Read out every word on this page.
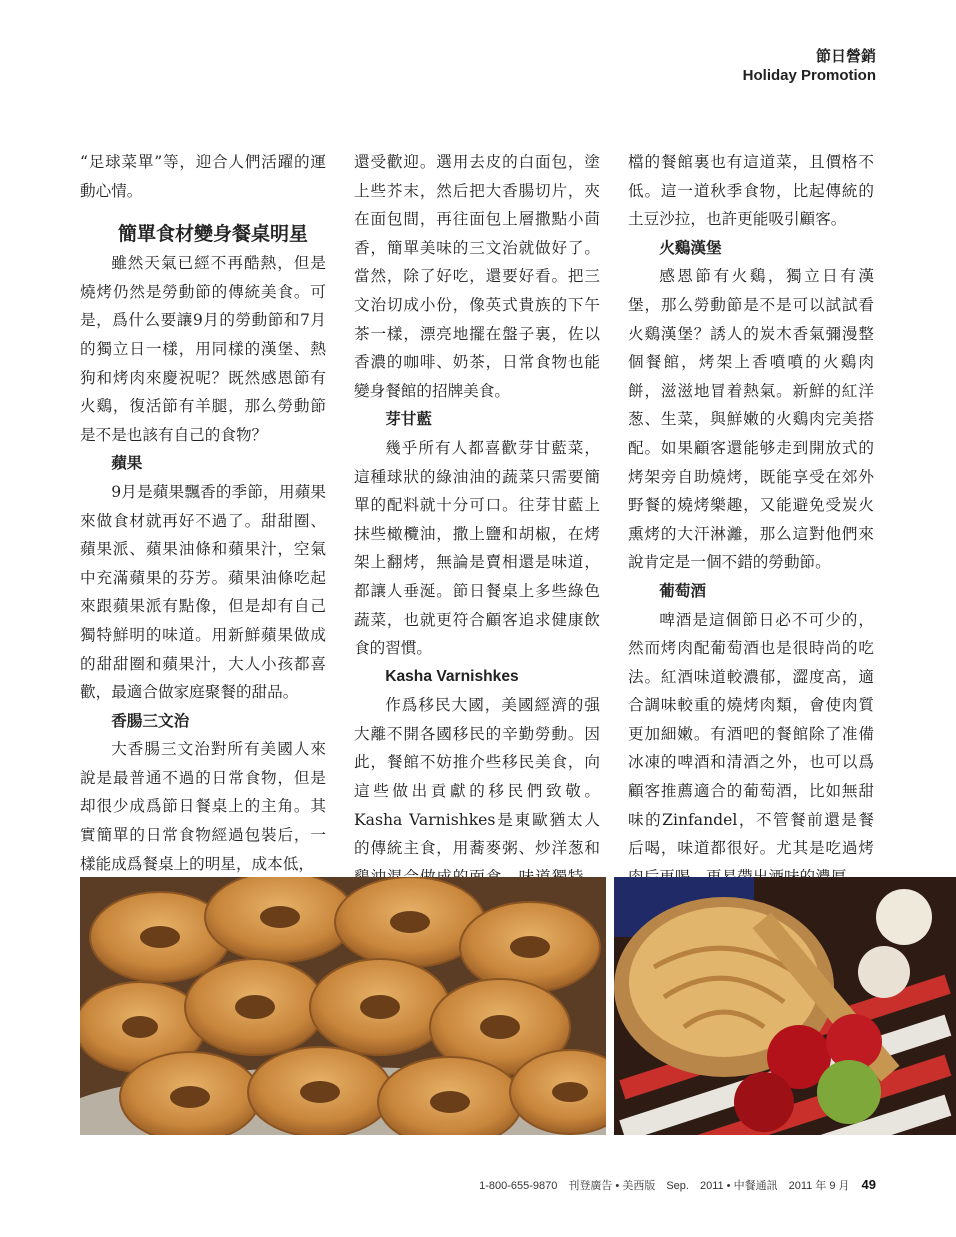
節日營銷
Holiday Promotion

“足球菜單”等，迎合人們活躍的運動心情。

簡單食材變身餐桌明星

雖然天氣已經不再酷熱，但是燒烤仍然是勞動節的傳統美食。可是，爲什么要讓9月的勞動節和7月的獨立日一樣，用同樣的漢堡、熱狗和烤肉來慶祝呢？既然感恩節有火鷄，復活節有羊腿，那么勞動節是不是也該有自己的食物？

蘋果

9月是蘋果飄香的季節，用蘋果來做食材就再好不過了。甜甜圈、蘋果派、蘋果油條和蘋果汁，空氣中充滿蘋果的芬芳。蘋果油條吃起來跟蘋果派有點像，但是却有自己獨特鮮明的味道。用新鮮蘋果做成的甜甜圈和蘋果汁，大人小孩都喜歡，最適合做家庭聚餐的甜品。

香腸三文治

大香腸三文治對所有美國人來說是最普通不過的日常食物，但是却很少成爲節日餐桌上的主角。其實簡單的日常食物經過包裝后，一樣能成爲餐桌上的明星，成本低，

還受歡迎。選用去皮的白面包，塗上些芥末，然后把大香腸切片，夾在面包間，再往面包上層撒點小茴香，簡單美味的三文治就做好了。當然，除了好吃，還要好看。把三文治切成小份，像英式貴族的下午茶一樣，漂亮地擺在盤子裏，佐以香濃的咖啡、奶茶，日常食物也能變身餐館的招牌美食。

芽甘藍

幾乎所有人都喜歡芽甘藍菜，這種球狀的綠油油的蔬菜只需要簡單的配料就十分可口。往芽甘藍上抹些橄欖油，撒上鹽和胡椒，在烤架上翻烤，無論是賣相還是味道，都讓人垂涎。節日餐桌上多些綠色蔬菜，也就更符合顧客追求健康飲食的習慣。

Kasha Varnishkes

作爲移民大國，美國經濟的强大離不開各國移民的辛勤勞動。因此，餐館不妨推介些移民美食，向這些做出貢獻的移民們致敬。Kasha Varnishkes是東歐猶太人的傳統主食，用蕎麥粥、炒洋葱和

檔的餐館裏也有這道菜，且價格不低。這一道秋季食物，比起傳統的土豆沙拉，也許更能吸引顧客。

火鷄漢堡

感恩節有火鷄，獨立日有漢堡，那么勞動節是不是可以試試看火鷄漢堡？誘人的炭木香氣彌漫整個餐館，烤架上香噴噴的火鷄肉餅，滋滋地冒着熱氣。新鮮的紅洋葱、生菜，與鮮嫩的火鷄肉完美搭配。如果顧客還能够走到開放式的烤架旁自助燒烤，既能享受在郊外野餐的燒烤樂趣，又能避免受炭火熏烤的大汗淋灕，那么這對他們來說肯定是一個不錯的勞動節。

葡萄酒

啤酒是這個節日必不可少的，然而烤肉配葡萄酒也是很時尚的吃法。紅酒味道較濃郁，澀度高，適合調味較重的燒烤肉類，會使肉質更加細嫩。有酒吧的餐館除了准備冰凍的啤酒和清酒之外，也可以爲顧客推薦適合的葡萄酒，比如無甜味的Zinfandel，不管餐前還是餐后喝，味道都很好。尤其是吃過烤

1-800-655-9870　刊登廣告 • 美西版　Sep.　2011 • 中餐通訊　2011 年 9 月 49
